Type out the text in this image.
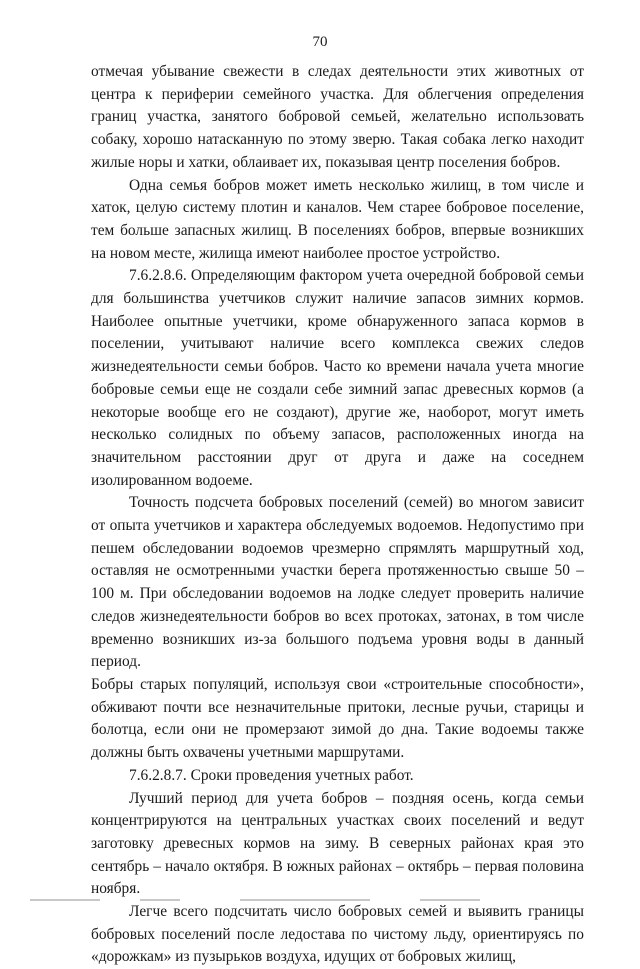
70

отмечая убывание свежести в следах деятельности этих животных от центра к периферии семейного участка. Для облегчения определения границ участка, занятого бобровой семьей, желательно использовать собаку, хорошо натасканную по этому зверю. Такая собака легко находит жилые норы и хатки, облаивает их, показывая центр поселения бобров.

Одна семья бобров может иметь несколько жилищ, в том числе и хаток, целую систему плотин и каналов. Чем старее бобровое поселение, тем больше запасных жилищ. В поселениях бобров, впервые возникших на новом месте, жилища имеют наиболее простое устройство.

7.6.2.8.6. Определяющим фактором учета очередной бобровой семьи для большинства учетчиков служит наличие запасов зимних кормов. Наиболее опытные учетчики, кроме обнаруженного запаса кормов в поселении, учитывают наличие всего комплекса свежих следов жизнедеятельности семьи бобров. Часто ко времени начала учета многие бобровые семьи еще не создали себе зимний запас древесных кормов (а некоторые вообще его не создают), другие же, наоборот, могут иметь несколько солидных по объему запасов, расположенных иногда на значительном расстоянии друг от друга и даже на соседнем изолированном водоеме.

Точность подсчета бобровых поселений (семей) во многом зависит от опыта учетчиков и характера обследуемых водоемов. Недопустимо при пешем обследовании водоемов чрезмерно спрямлять маршрутный ход, оставляя не осмотренными участки берега протяженностью свыше 50 – 100 м. При обследовании водоемов на лодке следует проверить наличие следов жизнедеятельности бобров во всех протоках, затонах, в том числе временно возникших из-за большого подъема уровня воды в данный период.

Бобры старых популяций, используя свои «строительные способности», обживают почти все незначительные притоки, лесные ручьи, старицы и болотца, если они не промерзают зимой до дна. Такие водоемы также должны быть охвачены учетными маршрутами.

7.6.2.8.7. Сроки проведения учетных работ.

Лучший период для учета бобров – поздняя осень, когда семьи концентрируются на центральных участках своих поселений и ведут заготовку древесных кормов на зиму. В северных районах края это сентябрь – начало октября. В южных районах – октябрь – первая половина ноября.

Легче всего подсчитать число бобровых семей и выявить границы бобровых поселений после ледостава по чистому льду, ориентируясь по «дорожкам» из пузырьков воздуха, идущих от бобровых жилищ,
